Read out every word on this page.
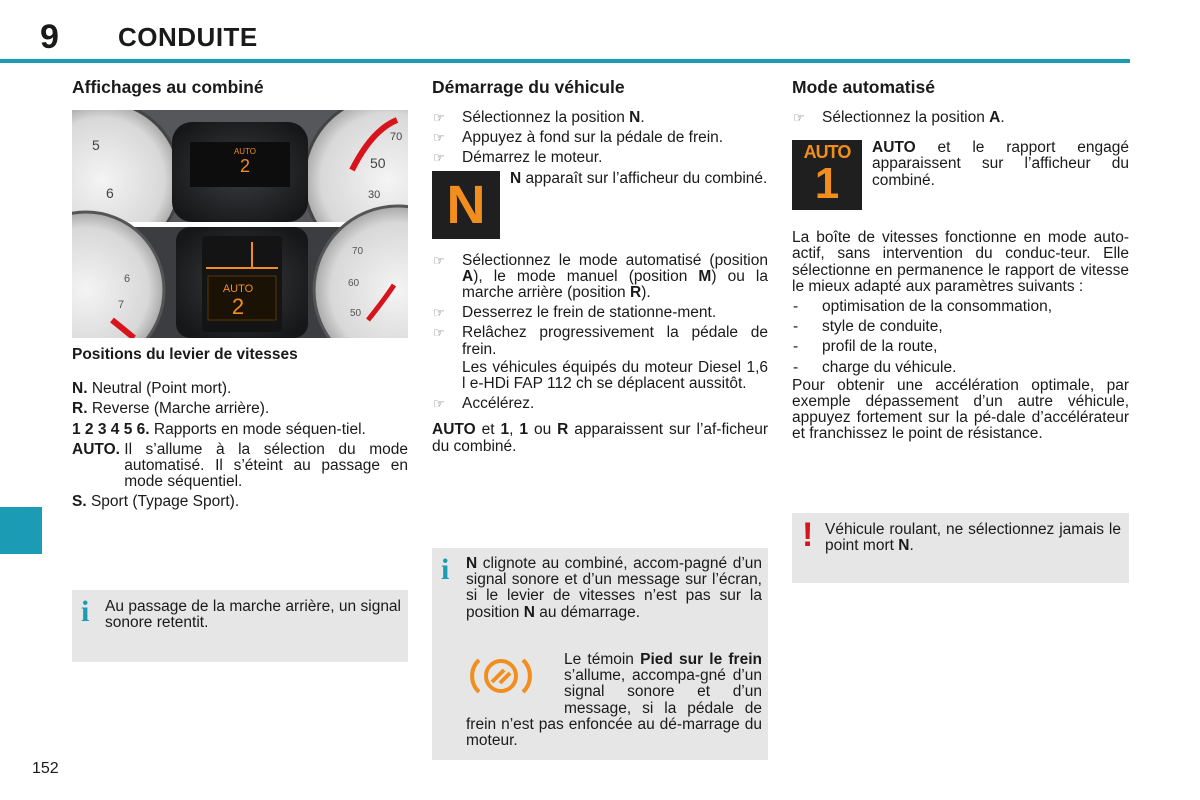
9 CONDUITE
152
Affichages au combiné
AUTO
2
5
6
70
50
30
AUTO
2
6
7
70
60
50

Positions du levier de vitesses

N.
Neutral (Point mort).
R.
Reverse (Marche arrière).
1 2 3 4 5 6.
Rapports en mode séquen-tiel.
AUTO.
Il s’allume à la sélection du mode automatisé. Il s’éteint au passage en mode séquentiel.
S.
Sport (Typage Sport).
i Au passage de la marche arrière, un signal sonore retentit.
Démarrage du véhicule
☞	Sélectionnez la position N.
☞	Appuyez à fond sur la pédale de frein.
☞	Démarrez le moteur.
N	N apparaît sur l’afficheur du combiné.
☞	Sélectionnez le mode automatisé (position A), le mode manuel (position M) ou la marche arrière (position R).
☞	Desserrez le frein de stationne-ment.
☞	Relâchez progressivement la pédale de frein.
Les véhicules équipés du moteur Diesel 1,6 l e-HDi FAP 112 ch se déplacent aussitôt.
☞	Accélérez.

AUTO et 1, 1 ou R apparaissent sur l’af-ficheur du combiné.

i N clignote au combiné, accom-pagné d’un signal sonore et d’un message sur l’écran, si le levier de vitesses n’est pas sur la position N au démarrage.
Le témoin Pied sur le frein s’allume, accompa-gné d’un signal sonore et d’un message, si la pédale de frein n’est pas enfoncée au dé-marrage du moteur.
Mode automatisé
☞	Sélectionnez la position A.
AUTO
1
AUTO et le rapport engagé apparaissent sur l’afficheur du combiné.

La boîte de vitesses fonctionne en mode auto-actif, sans intervention du conduc-teur. Elle sélectionne en permanence le rapport de vitesse le mieux adapté aux paramètres suivants :

-	optimisation de la consommation,
-	style de conduite,
-	profil de la route,
-	charge du véhicule.

Pour obtenir une accélération optimale, par exemple dépassement d’un autre véhicule, appuyez fortement sur la pé-dale d’accélérateur et franchissez le point de résistance.

! Véhicule roulant, ne sélectionnez jamais le point mort N.
